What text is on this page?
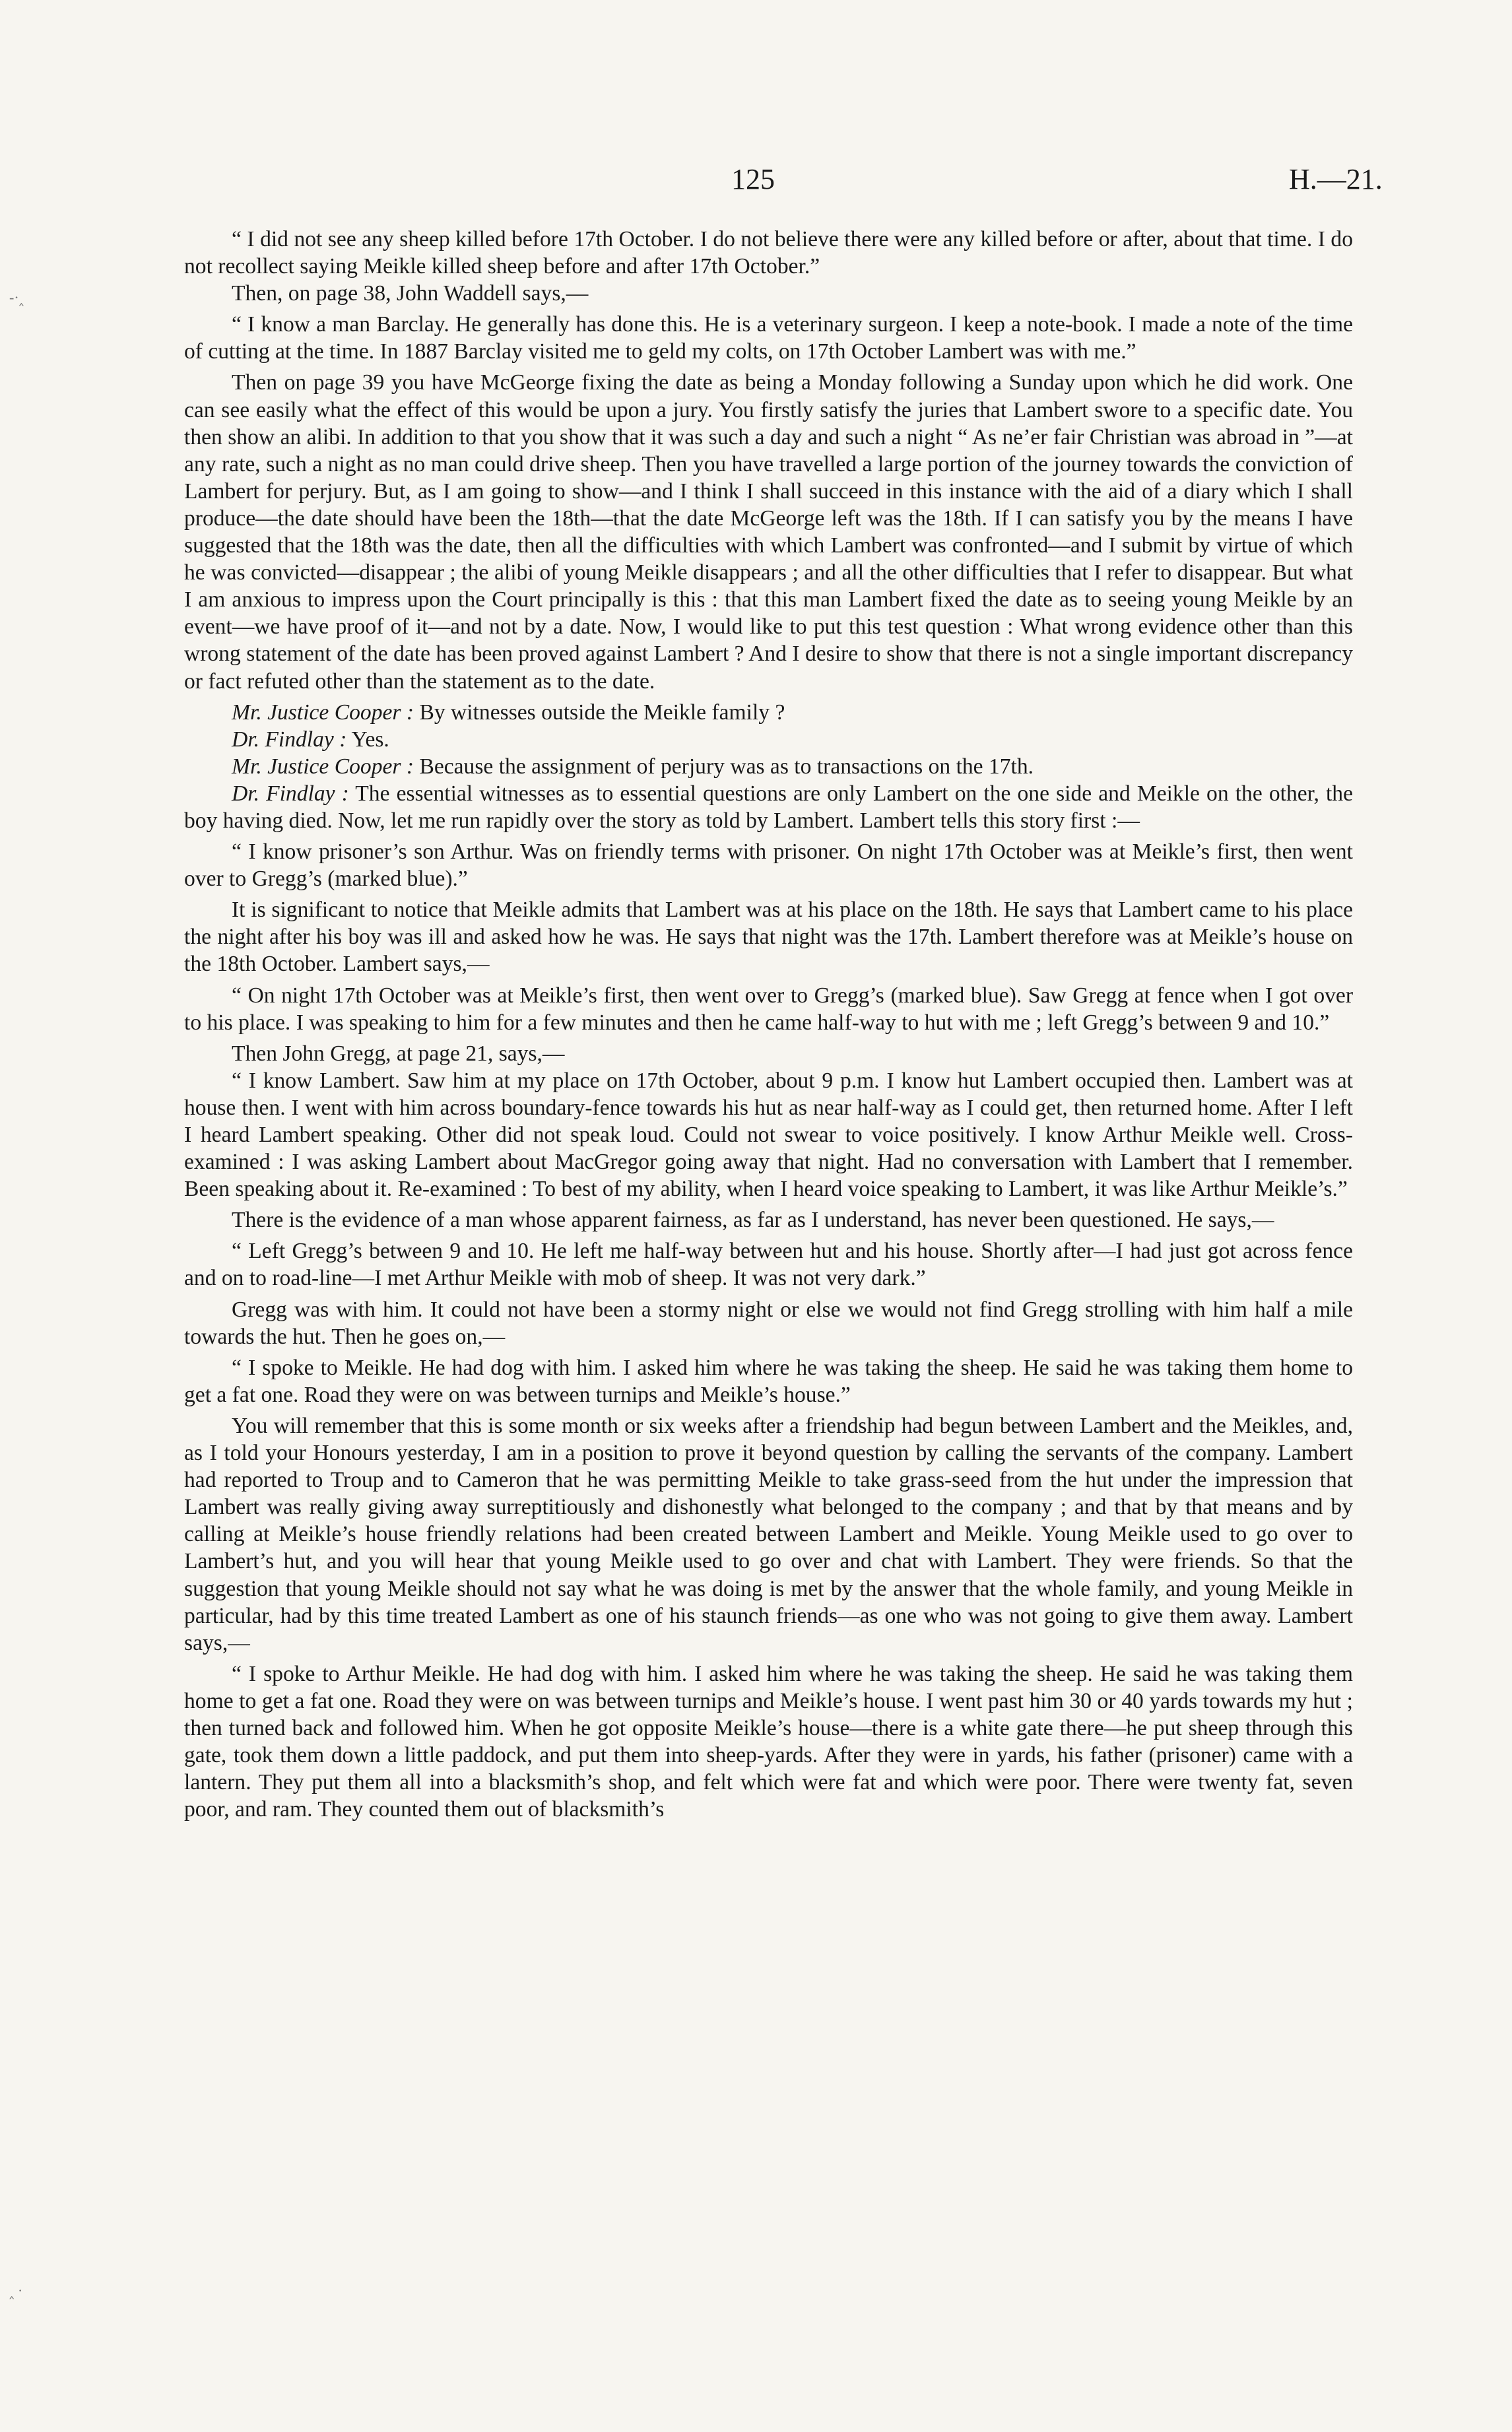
125	H.—21.
-·‸
‸ ·

“ I did not see any sheep killed before 17th October. I do not believe there were any killed before or after, about that time. I do not recollect saying Meikle killed sheep before and after 17th October.”

Then, on page 38, John Waddell says,—

“ I know a man Barclay. He generally has done this. He is a veterinary surgeon. I keep a note-book. I made a note of the time of cutting at the time. In 1887 Barclay visited me to geld my colts, on 17th October Lambert was with me.”

Then on page 39 you have McGeorge fixing the date as being a Monday following a Sunday upon which he did work. One can see easily what the effect of this would be upon a jury. You firstly satisfy the juries that Lambert swore to a specific date. You then show an alibi. In addition to that you show that it was such a day and such a night “ As ne’er fair Christian was abroad in ”—at any rate, such a night as no man could drive sheep. Then you have travelled a large portion of the journey towards the conviction of Lambert for perjury. But, as I am going to show—and I think I shall succeed in this instance with the aid of a diary which I shall produce—the date should have been the 18th—that the date McGeorge left was the 18th. If I can satisfy you by the means I have suggested that the 18th was the date, then all the difficulties with which Lambert was confronted—and I submit by virtue of which he was convicted—disappear ; the alibi of young Meikle disappears ; and all the other difficulties that I refer to disappear. But what I am anxious to impress upon the Court principally is this : that this man Lambert fixed the date as to seeing young Meikle by an event—we have proof of it—and not by a date. Now, I would like to put this test question : What wrong evidence other than this wrong statement of the date has been proved against Lambert ? And I desire to show that there is not a single important discrepancy or fact refuted other than the statement as to the date.

Mr. Justice Cooper : By witnesses outside the Meikle family ?

Dr. Findlay : Yes.

Mr. Justice Cooper : Because the assignment of perjury was as to transactions on the 17th.

Dr. Findlay : The essential witnesses as to essential questions are only Lambert on the one side and Meikle on the other, the boy having died. Now, let me run rapidly over the story as told by Lambert. Lambert tells this story first :—

“ I know prisoner’s son Arthur. Was on friendly terms with prisoner. On night 17th October was at Meikle’s first, then went over to Gregg’s (marked blue).”

It is significant to notice that Meikle admits that Lambert was at his place on the 18th. He says that Lambert came to his place the night after his boy was ill and asked how he was. He says that night was the 17th. Lambert therefore was at Meikle’s house on the 18th October. Lambert says,—

“ On night 17th October was at Meikle’s first, then went over to Gregg’s (marked blue). Saw Gregg at fence when I got over to his place. I was speaking to him for a few minutes and then he came half-way to hut with me ; left Gregg’s between 9 and 10.”

Then John Gregg, at page 21, says,—

“ I know Lambert. Saw him at my place on 17th October, about 9 p.m. I know hut Lambert occupied then. Lambert was at house then. I went with him across boundary-fence towards his hut as near half-way as I could get, then returned home. After I left I heard Lambert speaking. Other did not speak loud. Could not swear to voice positively. I know Arthur Meikle well. Cross-examined : I was asking Lambert about MacGregor going away that night. Had no conversation with Lambert that I remember. Been speaking about it. Re-examined : To best of my ability, when I heard voice speaking to Lambert, it was like Arthur Meikle’s.”

There is the evidence of a man whose apparent fairness, as far as I understand, has never been questioned. He says,—

“ Left Gregg’s between 9 and 10. He left me half-way between hut and his house. Shortly after—I had just got across fence and on to road-line—I met Arthur Meikle with mob of sheep. It was not very dark.”

Gregg was with him. It could not have been a stormy night or else we would not find Gregg strolling with him half a mile towards the hut. Then he goes on,—

“ I spoke to Meikle. He had dog with him. I asked him where he was taking the sheep. He said he was taking them home to get a fat one. Road they were on was between turnips and Meikle’s house.”

You will remember that this is some month or six weeks after a friendship had begun between Lambert and the Meikles, and, as I told your Honours yesterday, I am in a position to prove it beyond question by calling the servants of the company. Lambert had reported to Troup and to Cameron that he was permitting Meikle to take grass-seed from the hut under the impression that Lambert was really giving away surreptitiously and dishonestly what belonged to the company ; and that by that means and by calling at Meikle’s house friendly relations had been created between Lambert and Meikle. Young Meikle used to go over to Lambert’s hut, and you will hear that young Meikle used to go over and chat with Lambert. They were friends. So that the suggestion that young Meikle should not say what he was doing is met by the answer that the whole family, and young Meikle in particular, had by this time treated Lambert as one of his staunch friends—as one who was not going to give them away. Lambert says,—

“ I spoke to Arthur Meikle. He had dog with him. I asked him where he was taking the sheep. He said he was taking them home to get a fat one. Road they were on was between turnips and Meikle’s house. I went past him 30 or 40 yards towards my hut ; then turned back and followed him. When he got opposite Meikle’s house—there is a white gate there—he put sheep through this gate, took them down a little paddock, and put them into sheep-yards. After they were in yards, his father (prisoner) came with a lantern. They put them all into a blacksmith’s shop, and felt which were fat and which were poor. There were twenty fat, seven poor, and ram. They counted them out of blacksmith’s
